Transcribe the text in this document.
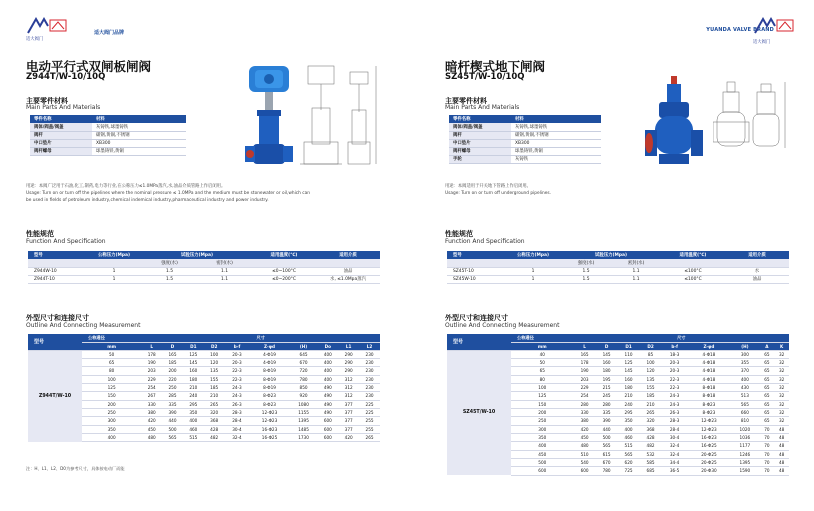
适大阀门
适大阀门品牌
电动平行式双闸板闸阀
Z944T/W-10/10Q
主要零件材料
Main Parts And Materials
零件名称	材料
阀体/阀盖/阀盖	灰铸铁,球墨铸铁
阀杆	碳钢,黄铜,不锈钢
中口垫片	XB300
阀杆螺母	球墨铸铁,黄铜
用途：本阀广泛用于石油,化工,制药,电力等行业,在公称压力≤1.0MPa蒸汽,水,油品介质管路上作启闭用。
Usage: Turn on or turn off the pipelines where the nominal pressure ≤ 1.0MPa and the medium must be stonewater or oil,which can
be used in fields of petroleum industry,chemical indemical industry,pharmaceutical industry and power industry.
性能规范
Function And Specification
型号	公称压力(Mpa)	试验压力(Mpa)		适用温度(℃)	适用介质
		强度(水)	密封(水)		
Z944W-10	1	1.5	1.1	≤0~100°C	油品
Z944T-10	1	1.5	1.1	≤0~200°C	水, ≤1.0Mpa蒸汽
外型尺寸和连接尺寸
Outline And Connecting Measurement
型号	公称通径	尺寸									
	mm	L	D	D1	D2	b-f	Z-φd	(H)	Do	L1	L2
Z944T/W-10	50	178	165	125	100	20-3	4-Φ19	645	400	290	230
	65	190	185	145	120	20-3	4-Φ19	670	400	290	230
	80	203	200	160	135	22-3	8-Φ19	720	400	290	230
	100	229	220	180	155	22-3	8-Φ19	780	400	312	230
	125	254	250	210	185	24-3	8-Φ19	850	490	312	230
	150	267	285	240	210	24-3	8-Φ23	920	490	312	230
	200	330	335	295	265	26-3	8-Φ23	1080	490	377	225
	250	380	390	350	320	28-3	12-Φ23	1155	490	377	225
	300	420	440	400	368	28-4	12-Φ23	1395	600	377	255
	350	450	500	460	428	30-4	16-Φ23	1485	600	377	255
	400	480	565	515	482	32-4	16-Φ25	1730	600	420	265
注：H、L1、L2、D0为参考尺寸，具体按电动厂而能
YUANDA VALVE BRAND
适大阀门
暗杆楔式地下闸阀
SZ45T/W-10/10Q
主要零件材料
Main Parts And Materials
零件名称	材料
阀体/阀盖/阀盖	灰铸铁,球墨铸铁
阀杆	碳钢,黄铜,不锈钢
中口垫片	XB300
阀杆螺母	球墨铸铁,黄铜
手轮	灰铸铁
用途：本阀适用于开关地下管路上作启闭用。
Usage: Turn on or turn off underground pipelines.
性能规范
Function And Specification
型号	公称压力(Mpa)	试验压力(Mpa)		适用温度(℃)	适用介质
		强度(水)	密封(水)		
SZ45T-10	1	1.5	1.1	≤100°C	水
SZ45W-10	1	1.5	1.1	≤100°C	油品
外型尺寸和连接尺寸
Outline And Connecting Measurement
型号	公称通径	尺寸								
	mm	L	D	D1	D2	b-f	Z-φd	(H)	A	K
SZ45T/W-10	40	165	145	110	85	18-3	4-Φ18	300	65	32
	50	178	160	125	100	20-3	4-Φ18	355	65	32
	65	190	180	145	120	20-3	4-Φ18	370	65	32
	80	203	195	160	135	22-3	4-Φ18	400	65	32
	100	229	215	180	155	22-3	8-Φ18	430	65	32
	125	254	245	210	185	24-3	8-Φ18	513	65	32
	150	280	280	240	210	24-3	8-Φ23	565	65	32
	200	330	335	295	265	26-3	8-Φ23	660	65	32
	250	380	390	350	320	28-3	12-Φ23	810	65	32
	300	420	440	400	368	28-4	12-Φ23	1020	70	48
	350	450	500	460	428	30-4	16-Φ23	1036	70	48
	400	480	565	515	482	32-4	16-Φ25	1177	70	48
	450	510	615	565	532	32-4	20-Φ25	1246	70	48
	500	540	670	620	585	34-4	20-Φ25	1395	70	48
	600	600	780	725	685	36-5	20-Φ30	1590	70	48
